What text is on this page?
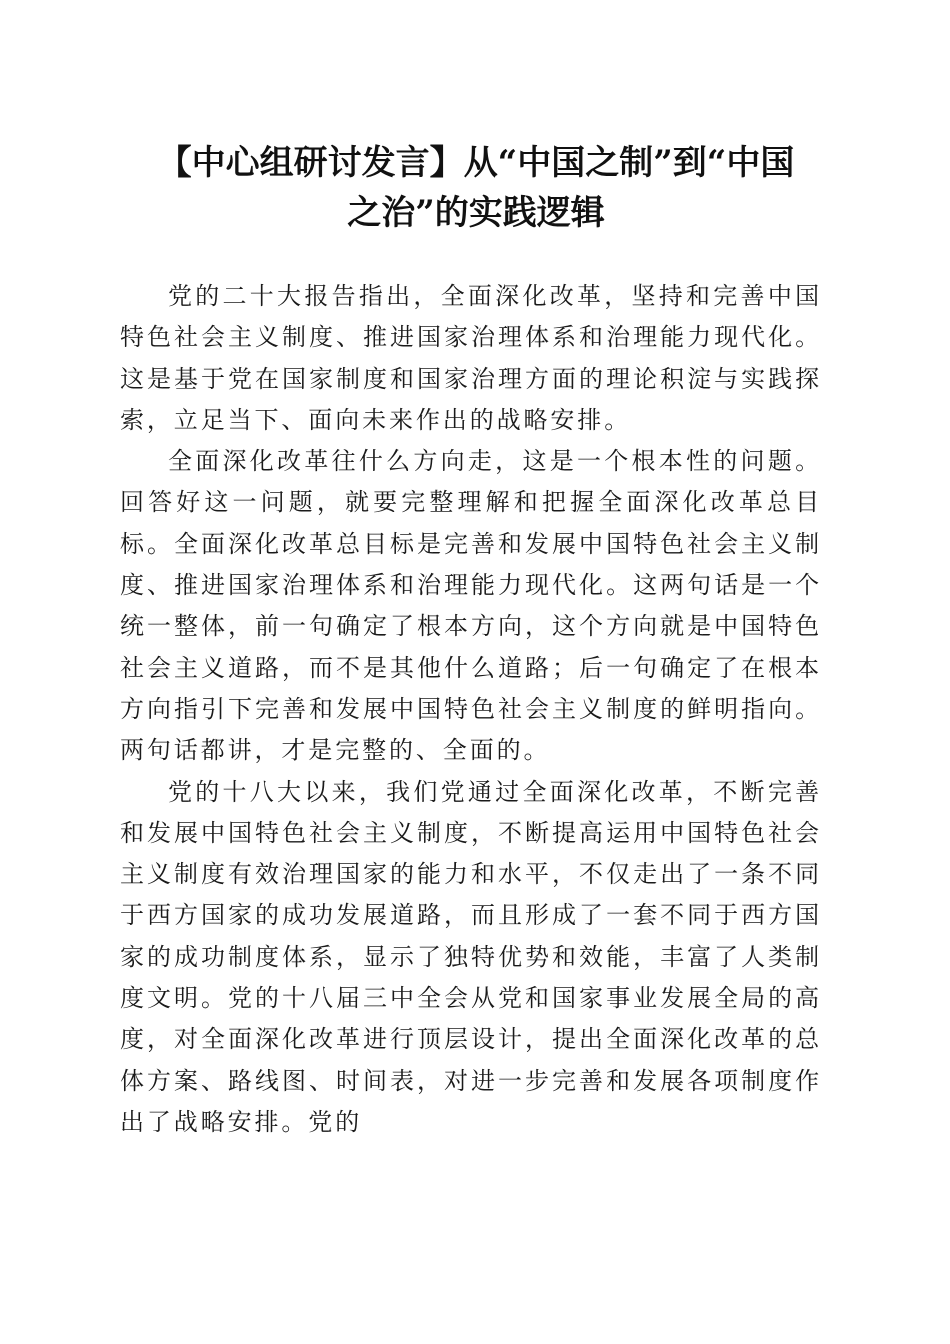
【中心组研讨发言】从“中国之制”到“中国
之治”的实践逻辑

党的二十大报告指出，全面深化改革，坚持和完善中国特色社会主义制度、推进国家治理体系和治理能力现代化。这是基于党在国家制度和国家治理方面的理论积淀与实践探索，立足当下、面向未来作出的战略安排。

全面深化改革往什么方向走，这是一个根本性的问题。回答好这一问题，就要完整理解和把握全面深化改革总目标。全面深化改革总目标是完善和发展中国特色社会主义制度、推进国家治理体系和治理能力现代化。这两句话是一个统一整体，前一句确定了根本方向，这个方向就是中国特色社会主义道路，而不是其他什么道路；后一句确定了在根本方向指引下完善和发展中国特色社会主义制度的鲜明指向。两句话都讲，才是完整的、全面的。

党的十八大以来，我们党通过全面深化改革，不断完善和发展中国特色社会主义制度，不断提高运用中国特色社会主义制度有效治理国家的能力和水平，不仅走出了一条不同于西方国家的成功发展道路，而且形成了一套不同于西方国家的成功制度体系，显示了独特优势和效能，丰富了人类制度文明。党的十八届三中全会从党和国家事业发展全局的高度，对全面深化改革进行顶层设计，提出全面深化改革的总体方案、路线图、时间表，对进一步完善和发展各项制度作出了战略安排。党的
